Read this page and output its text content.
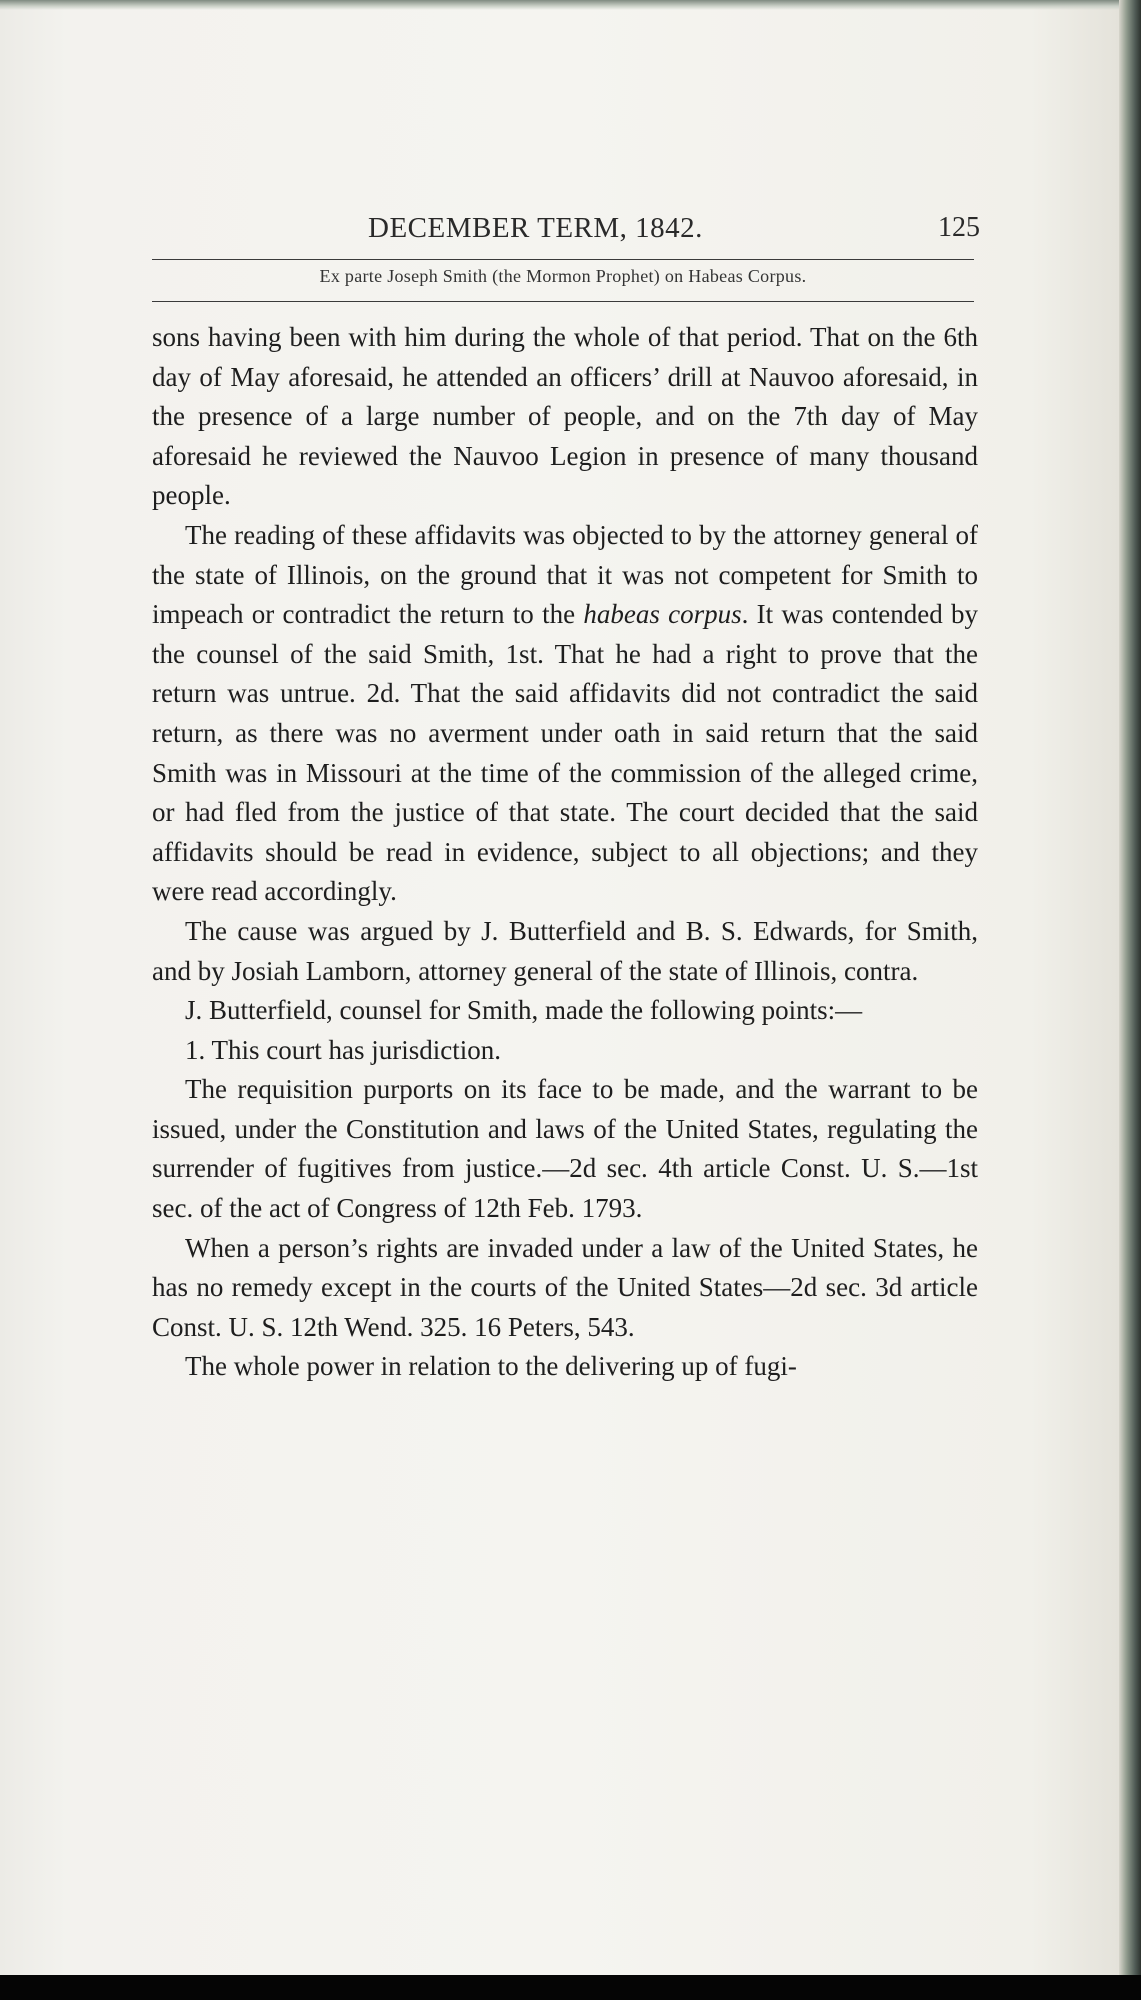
DECEMBER TERM, 1842.	125
Ex parte Joseph Smith (the Mormon Prophet) on Habeas Corpus.

sons having been with him during the whole of that period. That on the 6th day of May aforesaid, he attended an officers’ drill at Nauvoo aforesaid, in the presence of a large number of people, and on the 7th day of May aforesaid he reviewed the Nauvoo Legion in presence of many thousand people.

The reading of these affidavits was objected to by the attorney general of the state of Illinois, on the ground that it was not competent for Smith to impeach or contradict the return to the habeas corpus. It was contended by the counsel of the said Smith, 1st. That he had a right to prove that the return was untrue. 2d. That the said affidavits did not contradict the said return, as there was no averment under oath in said return that the said Smith was in Missouri at the time of the commission of the alleged crime, or had fled from the justice of that state. The court decided that the said affidavits should be read in evidence, subject to all objections; and they were read accordingly.

The cause was argued by J. Butterfield and B. S. Edwards, for Smith, and by Josiah Lamborn, attorney general of the state of Illinois, contra.

J. Butterfield, counsel for Smith, made the following points:—

1. This court has jurisdiction.

The requisition purports on its face to be made, and the warrant to be issued, under the Constitution and laws of the United States, regulating the surrender of fugitives from justice.—2d sec. 4th article Const. U. S.—1st sec. of the act of Congress of 12th Feb. 1793.

When a person’s rights are invaded under a law of the United States, he has no remedy except in the courts of the United States—2d sec. 3d article Const. U. S. 12th Wend. 325. 16 Peters, 543.

The whole power in relation to the delivering up of fugi-
